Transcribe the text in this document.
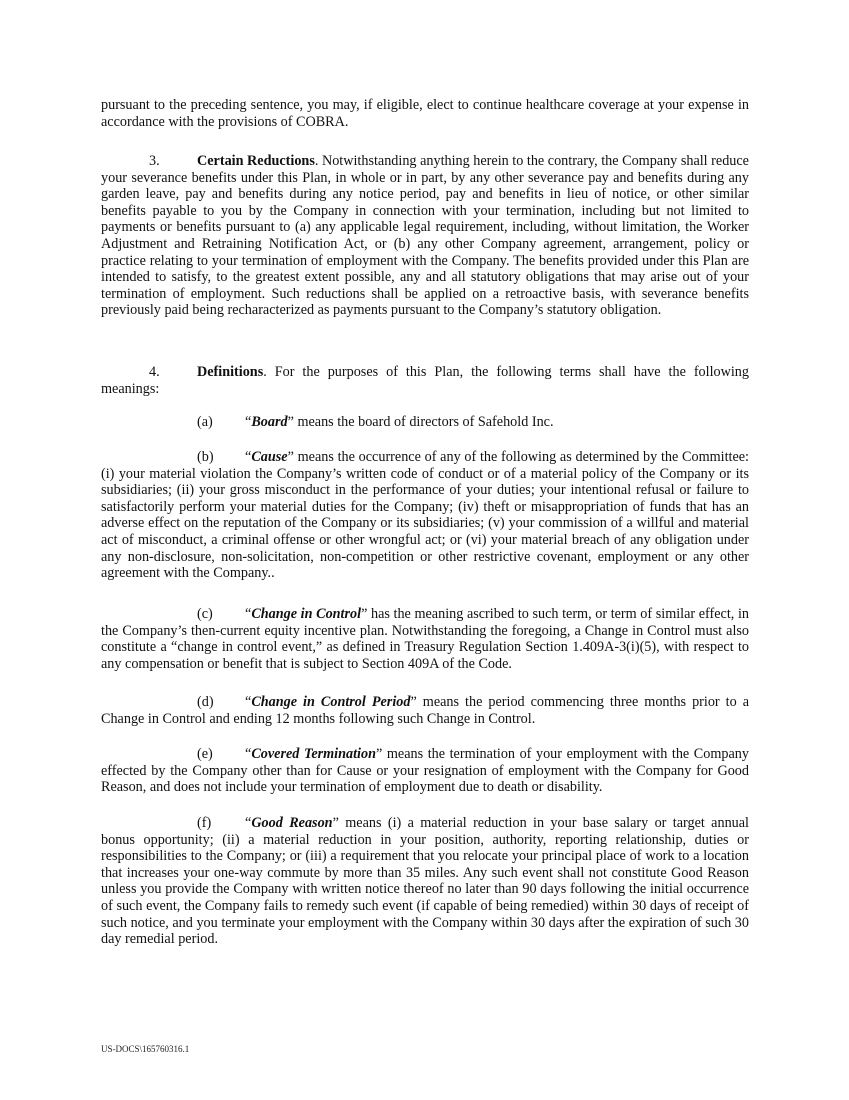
pursuant to the preceding sentence, you may, if eligible, elect to continue healthcare coverage at your expense in accordance with the provisions of COBRA.

3.	Certain Reductions. Notwithstanding anything herein to the contrary, the Company shall reduce your severance benefits under this Plan, in whole or in part, by any other severance pay and benefits during any garden leave, pay and benefits during any notice period, pay and benefits in lieu of notice, or other similar benefits payable to you by the Company in connection with your termination, including but not limited to payments or benefits pursuant to (a) any applicable legal requirement, including, without limitation, the Worker Adjustment and Retraining Notification Act, or (b) any other Company agreement, arrangement, policy or practice relating to your termination of employment with the Company. The benefits provided under this Plan are intended to satisfy, to the greatest extent possible, any and all statutory obligations that may arise out of your termination of employment. Such reductions shall be applied on a retroactive basis, with severance benefits previously paid being recharacterized as payments pursuant to the Company’s statutory obligation.

4.	Definitions. For the purposes of this Plan, the following terms shall have the following meanings:

(a) “Board” means the board of directors of Safehold Inc.

(b) “Cause” means the occurrence of any of the following as determined by the Committee: (i) your material violation the Company’s written code of conduct or of a material policy of the Company or its subsidiaries; (ii) your gross misconduct in the performance of your duties; your intentional refusal or failure to satisfactorily perform your material duties for the Company; (iv) theft or misappropriation of funds that has an adverse effect on the reputation of the Company or its subsidiaries; (v) your commission of a willful and material act of misconduct, a criminal offense or other wrongful act; or (vi) your material breach of any obligation under any non-disclosure, non-solicitation, non-competition or other restrictive covenant, employment or any other agreement with the Company..

(c) “Change in Control” has the meaning ascribed to such term, or term of similar effect, in the Company’s then-current equity incentive plan. Notwithstanding the foregoing, a Change in Control must also constitute a “change in control event,” as defined in Treasury Regulation Section 1.409A-3(i)(5), with respect to any compensation or benefit that is subject to Section 409A of the Code.

(d) “Change in Control Period” means the period commencing three months prior to a Change in Control and ending 12 months following such Change in Control.

(e) “Covered Termination” means the termination of your employment with the Company effected by the Company other than for Cause or your resignation of employment with the Company for Good Reason, and does not include your termination of employment due to death or disability.

(f) “Good Reason” means (i) a material reduction in your base salary or target annual bonus opportunity; (ii) a material reduction in your position, authority, reporting relationship, duties or responsibilities to the Company; or (iii) a requirement that you relocate your principal place of work to a location that increases your one-way commute by more than 35 miles. Any such event shall not constitute Good Reason unless you provide the Company with written notice thereof no later than 90 days following the initial occurrence of such event, the Company fails to remedy such event (if capable of being remedied) within 30 days of receipt of such notice, and you terminate your employment with the Company within 30 days after the expiration of such 30 day remedial period.

US-DOCS\165760316.1
